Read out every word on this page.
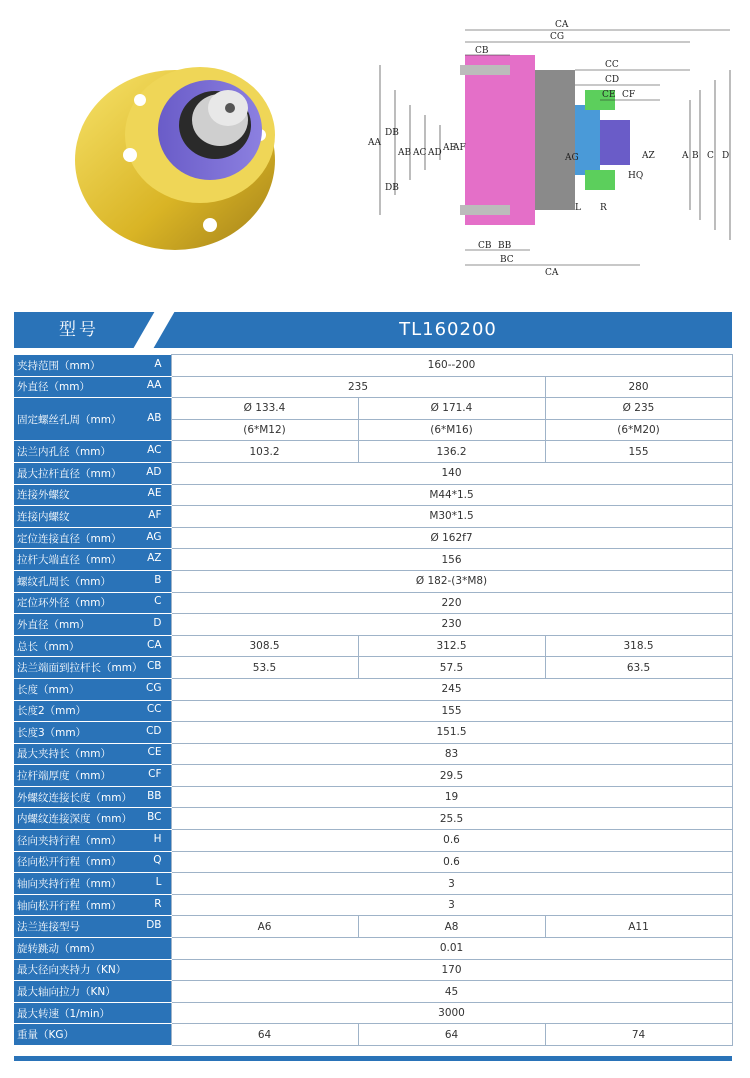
CA
CG
CB
CC
CD
CE CF
AA
DB
AB AC AD AE
AF
DB
AG	AZ	A B C D
HQ
L R
CB BB
BC
CA
型号	TL160200
夹持范围（mm） A	160--200		

外直径（mm） AA	235		280

固定螺丝孔周（mm） AB	Ø 133.4	Ø 171.4	Ø 235
	(6*M12)	(6*M16)	(6*M20)

法兰内孔径（mm） AC	103.2	136.2	155

最大拉杆直径（mm） AD	140		

连接外螺纹 AE	M44*1.5		

连接内螺纹 AF	M30*1.5		

定位连接直径（mm） AG	Ø 162f7		

拉杆大端直径（mm） AZ	156		

螺纹孔周长（mm） B	Ø 182-(3*M8)		

定位环外径（mm） C	220		

外直径（mm） D	230		

总长（mm） CA	308.5	312.5	318.5

法兰端面到拉杆长（mm） CB	53.5	57.5	63.5

长度（mm） CG	245		

长度2（mm） CC	155		

长度3（mm） CD	151.5		

最大夹持长（mm） CE	83		

拉杆端厚度（mm） CF	29.5		

外螺纹连接长度（mm） BB	19		

内螺纹连接深度（mm） BC	25.5		

径向夹持行程（mm） H	0.6		

径向松开行程（mm） Q	0.6		

轴向夹持行程（mm） L	3		

轴向松开行程（mm） R	3		

法兰连接型号 DB	A6	A8	A11

旋转跳动（mm）	0.01		

最大径向夹持力（KN）	170		

最大轴向拉力（KN）	45		

最大转速（1/min）	3000		

重量（KG）	64	64	74
